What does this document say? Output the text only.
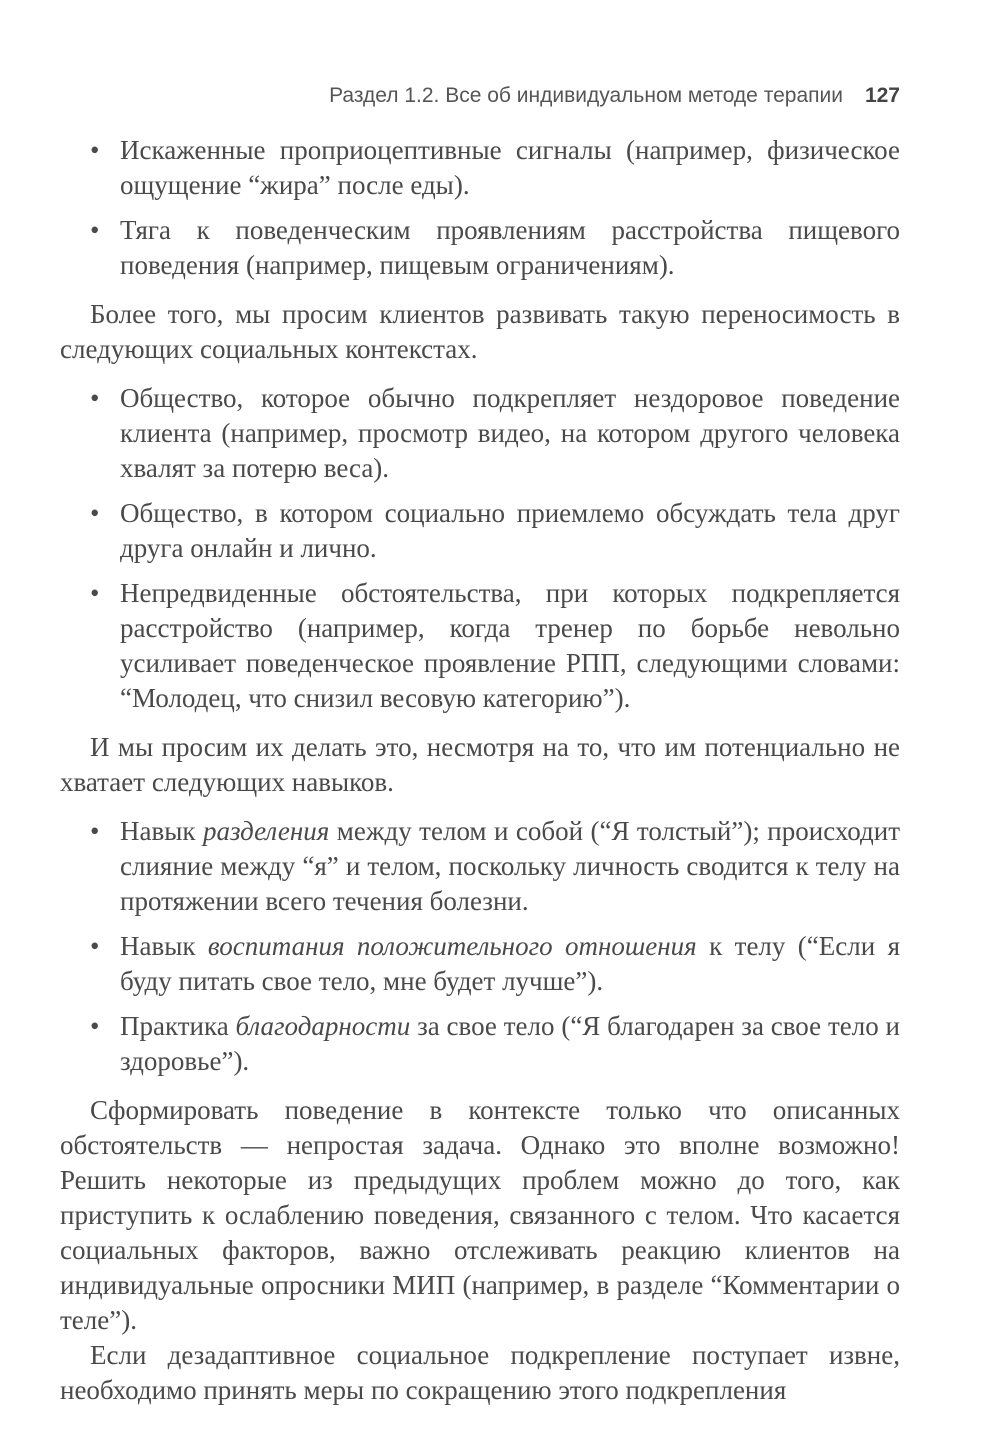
Раздел 1.2. Все об индивидуальном методе терапии 127
• Искаженные проприоцептивные сигналы (например, физическое ощущение “жира” после еды).
• Тяга к поведенческим проявлениям расстройства пищевого поведения (например, пищевым ограничениям).

Более того, мы просим клиентов развивать такую переносимость в следующих социальных контекстах.

• Общество, которое обычно подкрепляет нездоровое поведение клиента (например, просмотр видео, на котором другого человека хвалят за потерю веса).
• Общество, в котором социально приемлемо обсуждать тела друг друга онлайн и лично.
• Непредвиденные обстоятельства, при которых подкрепляется расстройство (например, когда тренер по борьбе невольно усиливает поведенческое проявление РПП, следующими словами: “Молодец, что снизил весовую категорию”).

И мы просим их делать это, несмотря на то, что им потенциально не хватает следующих навыков.

• Навык разделения между телом и собой (“Я толстый”); происходит слияние между “я” и телом, поскольку личность сводится к телу на протяжении всего течения болезни.
• Навык воспитания положительного отношения к телу (“Если я буду питать свое тело, мне будет лучше”).
• Практика благодарности за свое тело (“Я благодарен за свое тело и здоровье”).

Сформировать поведение в контексте только что описанных обстоятельств — непростая задача. Однако это вполне возможно! Решить некоторые из предыдущих проблем можно до того, как приступить к ослаблению поведения, связанного с телом. Что касается социальных факторов, важно отслеживать реакцию клиентов на индивидуальные опросники МИП (например, в разделе “Комментарии о теле”).

Если дезадаптивное социальное подкрепление поступает извне, необходимо принять меры по сокращению этого подкрепления
